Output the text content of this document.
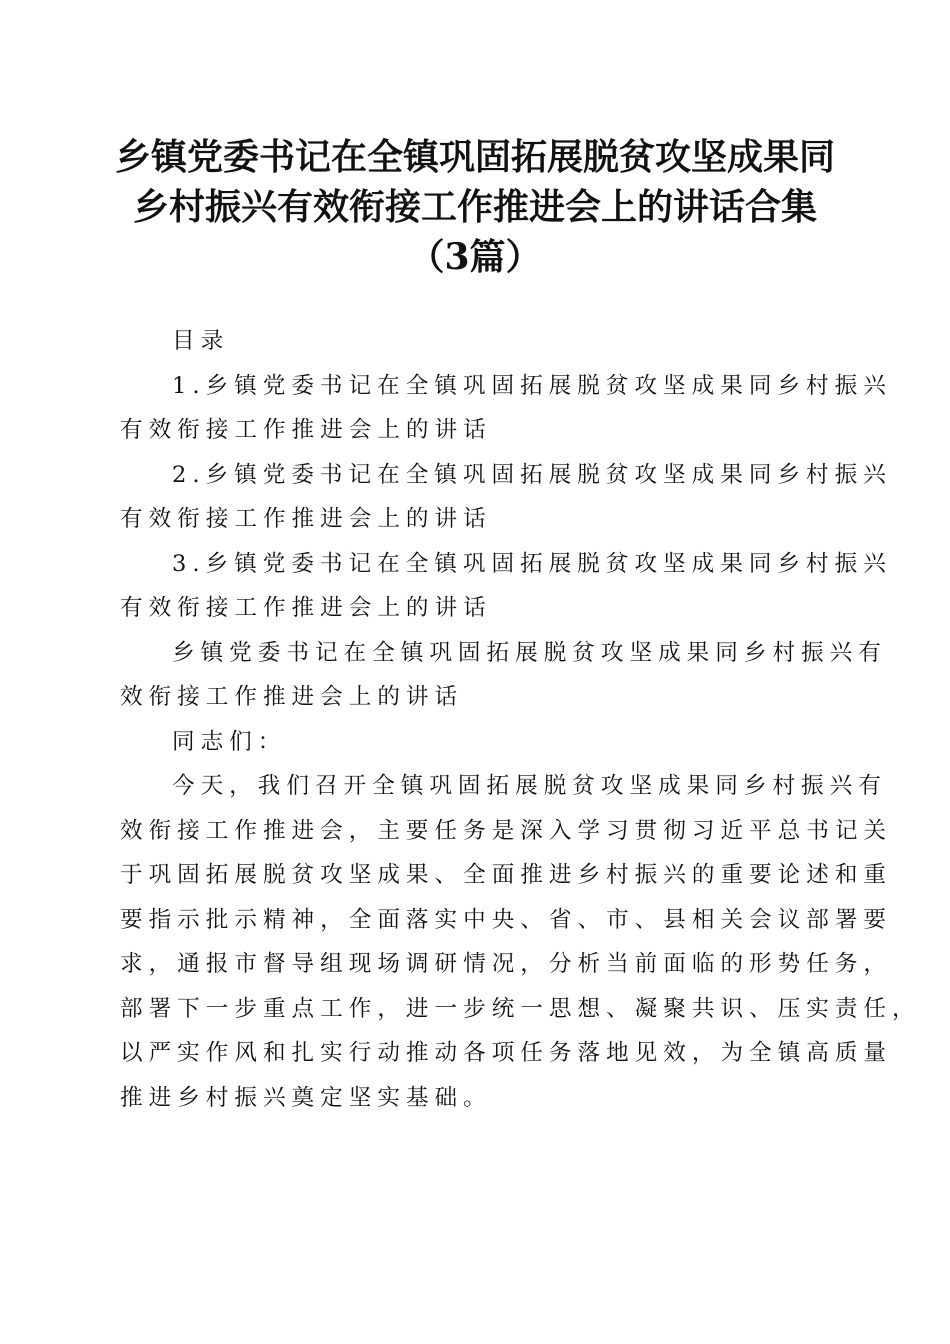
乡镇党委书记在全镇巩固拓展脱贫攻坚成果同
乡村振兴有效衔接工作推进会上的讲话合集
（3篇）
目录
1.乡镇党委书记在全镇巩固拓展脱贫攻坚成果同乡村振兴
有效衔接工作推进会上的讲话
2.乡镇党委书记在全镇巩固拓展脱贫攻坚成果同乡村振兴
有效衔接工作推进会上的讲话
3.乡镇党委书记在全镇巩固拓展脱贫攻坚成果同乡村振兴
有效衔接工作推进会上的讲话
乡镇党委书记在全镇巩固拓展脱贫攻坚成果同乡村振兴有
效衔接工作推进会上的讲话
同志们：
今天，我们召开全镇巩固拓展脱贫攻坚成果同乡村振兴有
效衔接工作推进会，主要任务是深入学习贯彻习近平总书记关
于巩固拓展脱贫攻坚成果、全面推进乡村振兴的重要论述和重
要指示批示精神，全面落实中央、省、市、县相关会议部署要
求，通报市督导组现场调研情况，分析当前面临的形势任务，
部署下一步重点工作，进一步统一思想、凝聚共识、压实责任，
以严实作风和扎实行动推动各项任务落地见效，为全镇高质量
推进乡村振兴奠定坚实基础。
